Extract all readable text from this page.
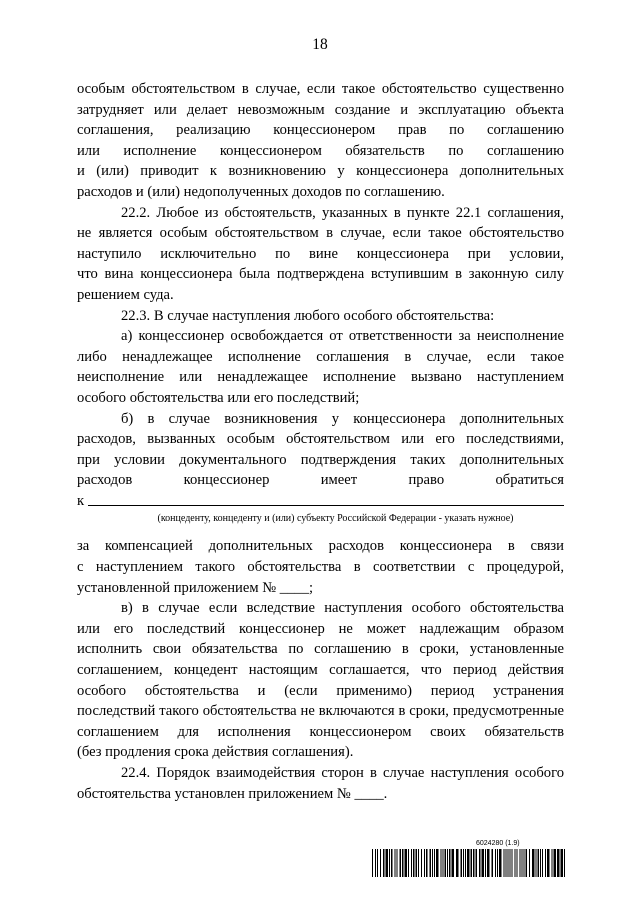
18

особым обстоятельством в случае, если такое обстоятельство существенно

затрудняет или делает невозможным создание и эксплуатацию объекта

соглашения, реализацию концессионером прав по соглашению

или исполнение концессионером обязательств по соглашению

и (или) приводит к возникновению у концессионера дополнительных

расходов и (или) недополученных доходов по соглашению.

22.2. Любое из обстоятельств, указанных в пункте 22.1 соглашения,

не является особым обстоятельством в случае, если такое обстоятельство

наступило исключительно по вине концессионера при условии,

что вина концессионера была подтверждена вступившим в законную силу

решением суда.

22.3. В случае наступления любого особого обстоятельства:

а) концессионер освобождается от ответственности за неисполнение

либо ненадлежащее исполнение соглашения в случае, если такое

неисполнение или ненадлежащее исполнение вызвано наступлением

особого обстоятельства или его последствий;

б) в случае возникновения у концессионера дополнительных

расходов, вызванных особым обстоятельством или его последствиями,

при условии документального подтверждения таких дополнительных

расходов концессионер имеет право обратиться

к
(концеденту, концеденту и (или) субъекту Российской Федерации - указать нужное)

за компенсацией дополнительных расходов концессионера в связи

с наступлением такого обстоятельства в соответствии с процедурой,

установленной приложением № ____;

в) в случае если вследствие наступления особого обстоятельства

или его последствий концессионер не может надлежащим образом

исполнить свои обязательства по соглашению в сроки, установленные

соглашением, концедент настоящим соглашается, что период действия

особого обстоятельства и (если применимо) период устранения

последствий такого обстоятельства не включаются в сроки, предусмотренные

соглашением для исполнения концессионером своих обязательств

(без продления срока действия соглашения).

22.4. Порядок взаимодействия сторон в случае наступления особого

обстоятельства установлен приложением № ____.

6024280 (1.9)
